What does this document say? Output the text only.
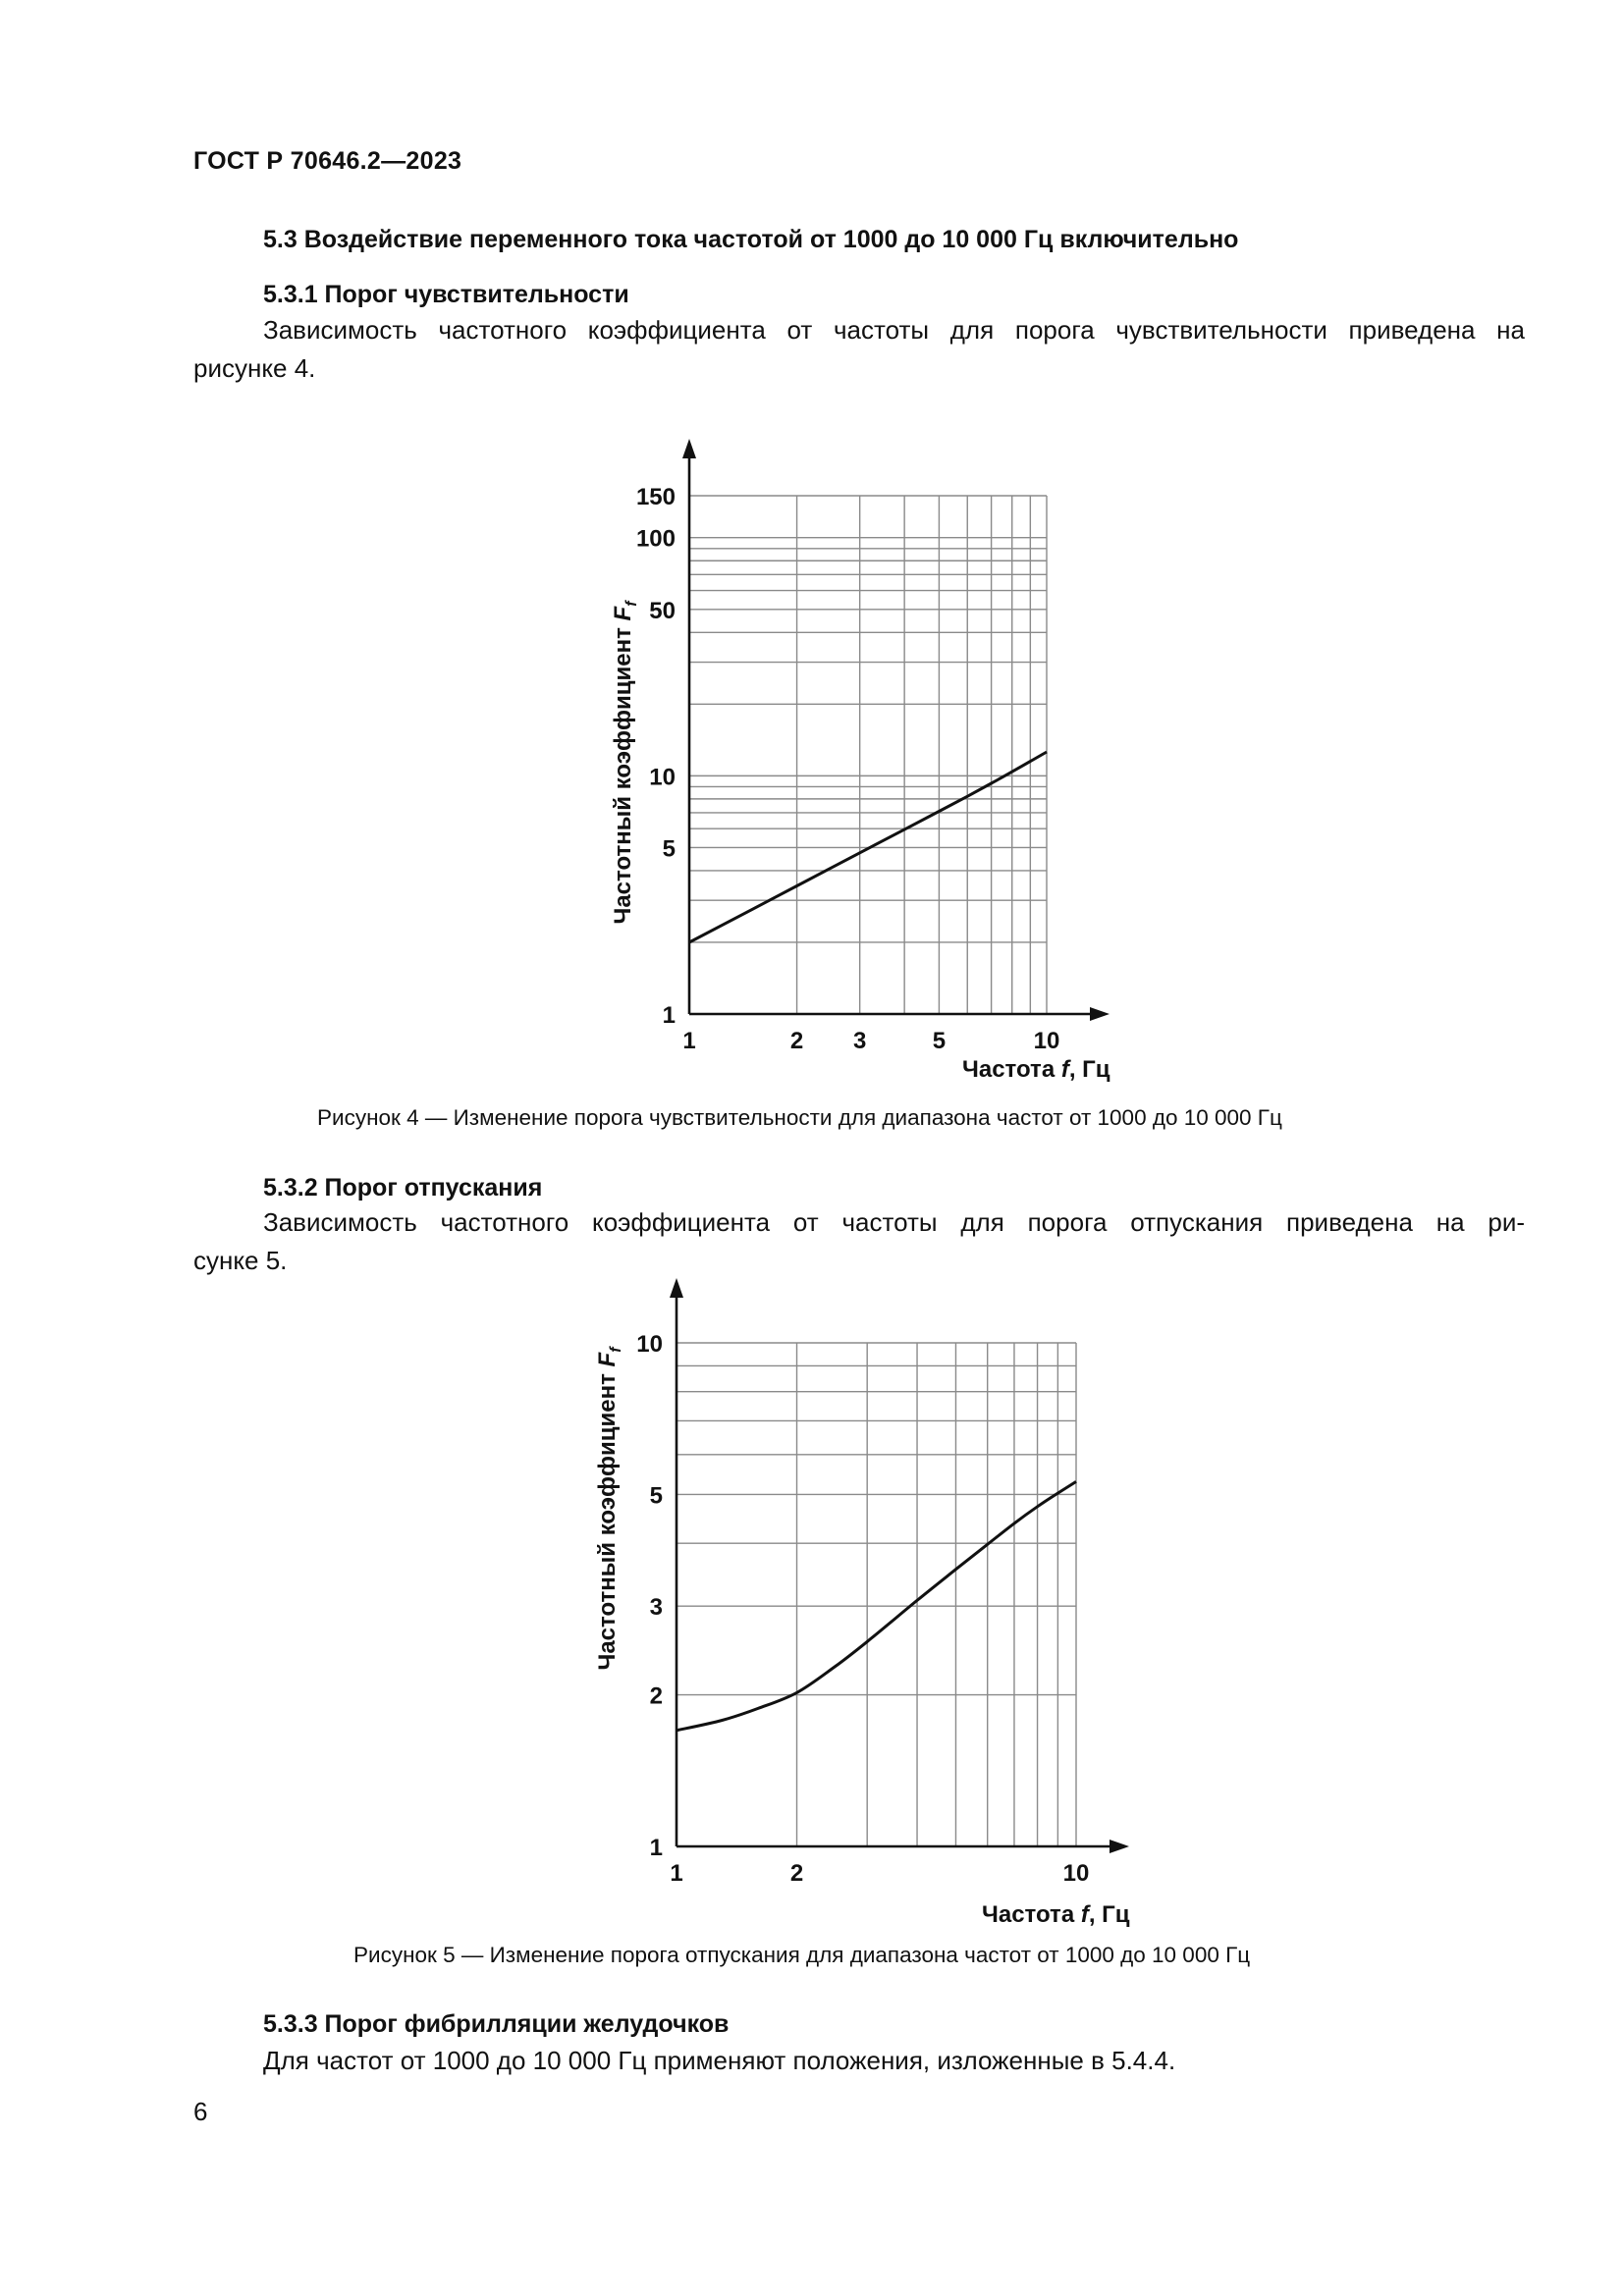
ГОСТ Р 70646.2—2023
5.3 Воздействие переменного тока частотой от 1000 до 10 000 Гц включительно
5.3.1 Порог чувствительности
Зависимость частотного коэффициента от частоты для порога чувствительности приведена на
рисунке 4.
1	2 3	5	10
1
5
10
50
100
150
Частота f, Гц
Частотный коэффициент $F_f$
Рисунок 4 — Изменение порога чувствительности для диапазона частот от 1000 до 10 000 Гц
5.3.2 Порог отпускания
Зависимость частотного коэффициента от частоты для порога отпускания приведена на ри-
сунке 5.
1	2	10
1
2
3
5
10
Частота f, Гц
Частотный коэффициент $F_f$
Рисунок 5 — Изменение порога отпускания для диапазона частот от 1000 до 10 000 Гц
5.3.3 Порог фибрилляции желудочков
Для частот от 1000 до 10 000 Гц применяют положения, изложенные в 5.4.4.
6
